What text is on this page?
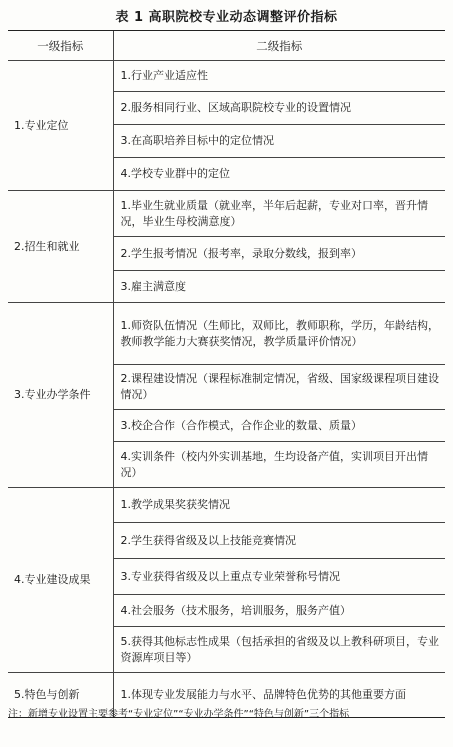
表 1 高职院校专业动态调整评价指标
一级指标	二级指标
1.专业定位	1.行业产业适应性
	2.服务相同行业、区域高职院校专业的设置情况
	3.在高职培养目标中的定位情况
	4.学校专业群中的定位
2.招生和就业	1.毕业生就业质量（就业率，半年后起薪，专业对口率，晋升情况，毕业生母校满意度）
	2.学生报考情况（报考率，录取分数线，报到率）
	3.雇主满意度
3.专业办学条件	1.师资队伍情况（生师比，双师比，教师职称，学历，年龄结构，教师教学能力大赛获奖情况，教学质量评价情况）
	2.课程建设情况（课程标准制定情况，省级、国家级课程项目建设情况）
	3.校企合作（合作模式，合作企业的数量、质量）
	4.实训条件（校内外实训基地，生均设备产值，实训项目开出情况）
4.专业建设成果	1.教学成果奖获奖情况
	2.学生获得省级及以上技能竞赛情况
	3.专业获得省级及以上重点专业荣誉称号情况
	4.社会服务（技术服务，培训服务，服务产值）
	5.获得其他标志性成果（包括承担的省级及以上教科研项目，专业资源库项目等）
5.特色与创新	1.体现专业发展能力与水平、品牌特色优势的其他重要方面
注：新增专业设置主要参考“专业定位”“专业办学条件”“特色与创新”三个指标
